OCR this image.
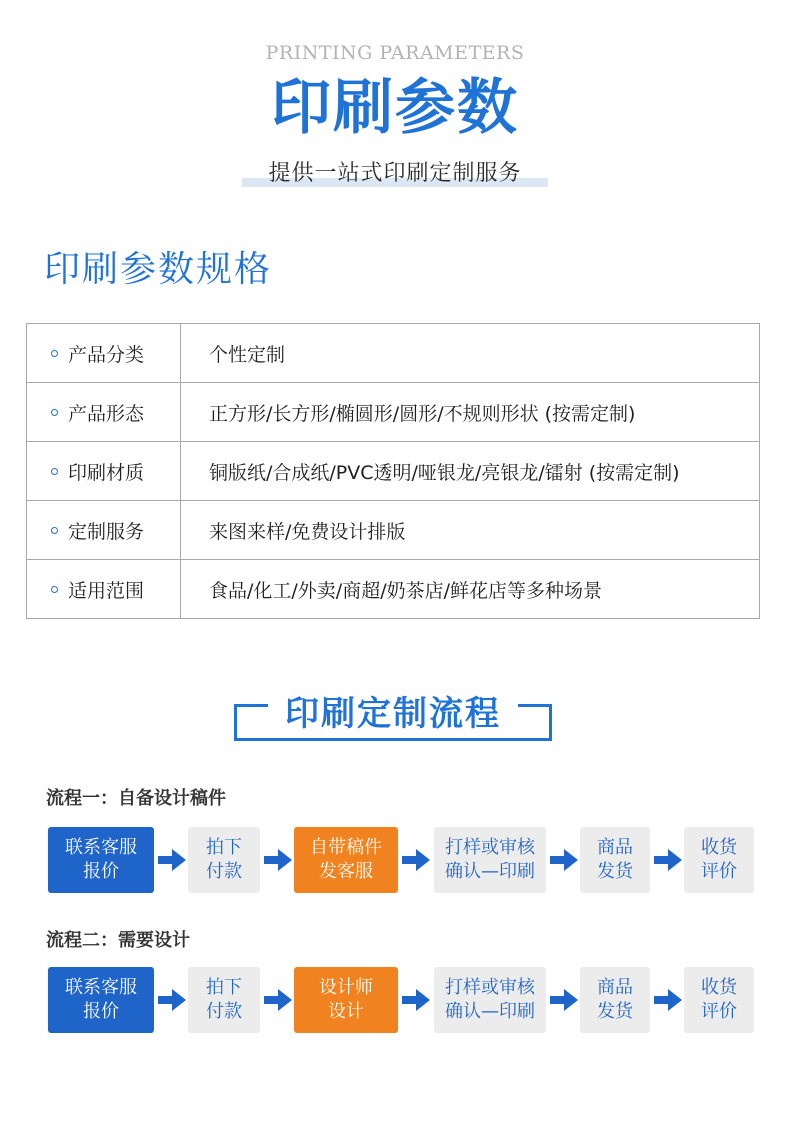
PRINTING PARAMETERS
印刷参数
提供一站式印刷定制服务
印刷参数规格
产品分类	个性定制
产品形态	正方形/长方形/椭圆形/圆形/不规则形状 (按需定制)
印刷材质	铜版纸/合成纸/PVC透明/哑银龙/亮银龙/镭射 (按需定制)
定制服务	来图来样/免费设计排版
适用范围	食品/化工/外卖/商超/奶茶店/鲜花店等多种场景
印刷定制流程
流程一：自备设计稿件
联系客服
报价
拍下
付款
自带稿件
发客服
打样或审核
确认—印刷
商品
发货
收货
评价
流程二：需要设计
联系客服
报价
拍下
付款
设计师
设计
打样或审核
确认—印刷
商品
发货
收货
评价
